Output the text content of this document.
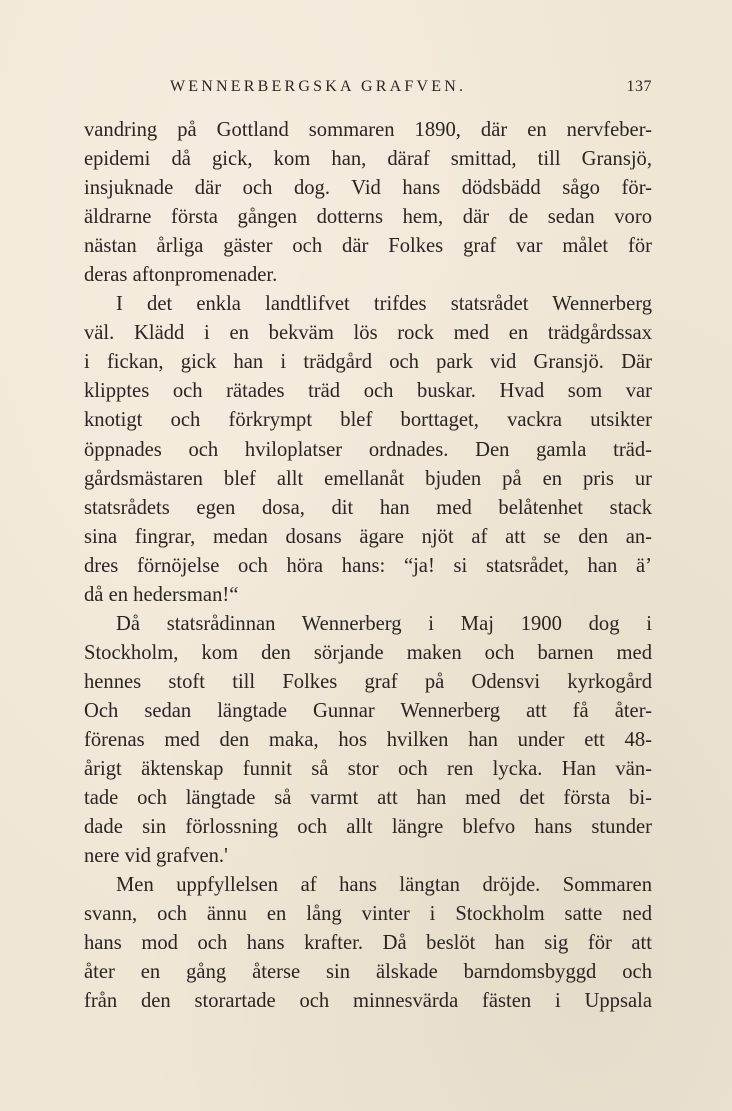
WENNERBERGSKA GRAFVEN.	137
vandring på Gottland sommaren 1890, där en nervfeber-
epidemi då gick, kom han, däraf smittad, till Gransjö,
insjuknade där och dog. Vid hans dödsbädd sågo för-
äldrarne första gången dotterns hem, där de sedan voro
nästan årliga gäster och där Folkes graf var målet för
deras aftonpromenader.
I det enkla landtlifvet trifdes statsrådet Wennerberg
väl. Klädd i en bekväm lös rock med en trädgårdssax
i fickan, gick han i trädgård och park vid Gransjö. Där
klipptes och rätades träd och buskar. Hvad som var
knotigt och förkrympt blef borttaget, vackra utsikter
öppnades och hviloplatser ordnades. Den gamla träd-
gårdsmästaren blef allt emellanåt bjuden på en pris ur
statsrådets egen dosa, dit han med belåtenhet stack
sina fingrar, medan dosans ägare njöt af att se den an-
dres förnöjelse och höra hans: “ja! si statsrådet, han ä’
då en hedersman!“
Då statsrådinnan Wennerberg i Maj 1900 dog i
Stockholm, kom den sörjande maken och barnen med
hennes stoft till Folkes graf på Odensvi kyrkogård
Och sedan längtade Gunnar Wennerberg att få åter-
förenas med den maka, hos hvilken han under ett 48-
årigt äktenskap funnit så stor och ren lycka. Han vän-
tade och längtade så varmt att han med det första bi-
dade sin förlossning och allt längre blefvo hans stunder
nere vid grafven.'
Men uppfyllelsen af hans längtan dröjde. Sommaren
svann, och ännu en lång vinter i Stockholm satte ned
hans mod och hans krafter. Då beslöt han sig för att
åter en gång återse sin älskade barndomsbyggd och
från den storartade och minnesvärda fästen i Uppsala
